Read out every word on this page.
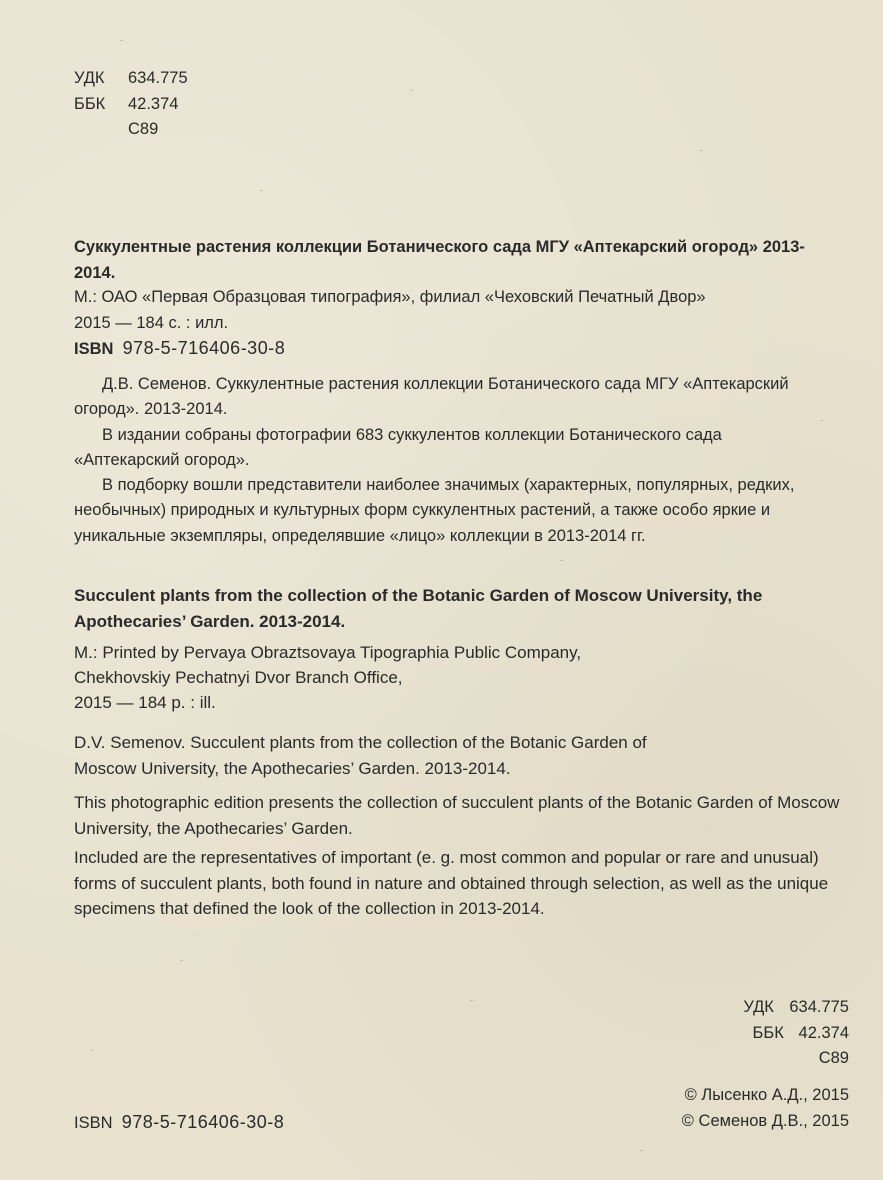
УДК 634.775
ББК 42.374
С89
Суккулентные растения коллекции Ботанического сада МГУ «Аптекарский огород» 2013-2014.
М.: ОАО «Первая Образцовая типография», филиал «Чеховский Печатный Двор»
2015 — 184 с. : илл.
ISBN 978-5-716406-30-8

Д.В. Семенов. Суккулентные растения коллекции Ботанического сада МГУ «Аптекарский огород». 2013-2014.

В издании собраны фотографии 683 суккулентов коллекции Ботанического сада «Аптекарский огород».

В подборку вошли представители наиболее значимых (характерных, популярных, редких, необычных) природных и культурных форм суккулентных растений, а также особо яркие и уникальные экземпляры, определявшие «лицо» коллекции в 2013-2014 гг.

Succulent plants from the collection of the Botanic Garden of Moscow University, the Apothecaries’ Garden. 2013-2014.
M.: Printed by Pervaya Obraztsovaya Tipographia Public Company,
Chekhovskiy Pechatnyi Dvor Branch Office,
2015 — 184 p. : ill.

D.V. Semenov. Succulent plants from the collection of the Botanic Garden of Moscow University, the Apothecaries’ Garden. 2013-2014.

This photographic edition presents the collection of succulent plants of the Botanic Garden of Moscow University, the Apothecaries’ Garden.

Included are the representatives of important (e. g. most common and popular or rare and unusual) forms of succulent plants, both found in nature and obtained through selection, as well as the unique specimens that defined the look of the collection in 2013-2014.

УДК 634.775
ББК 42.374
С89
© Лысенко А.Д., 2015
© Семенов Д.В., 2015
ISBN 978-5-716406-30-8
